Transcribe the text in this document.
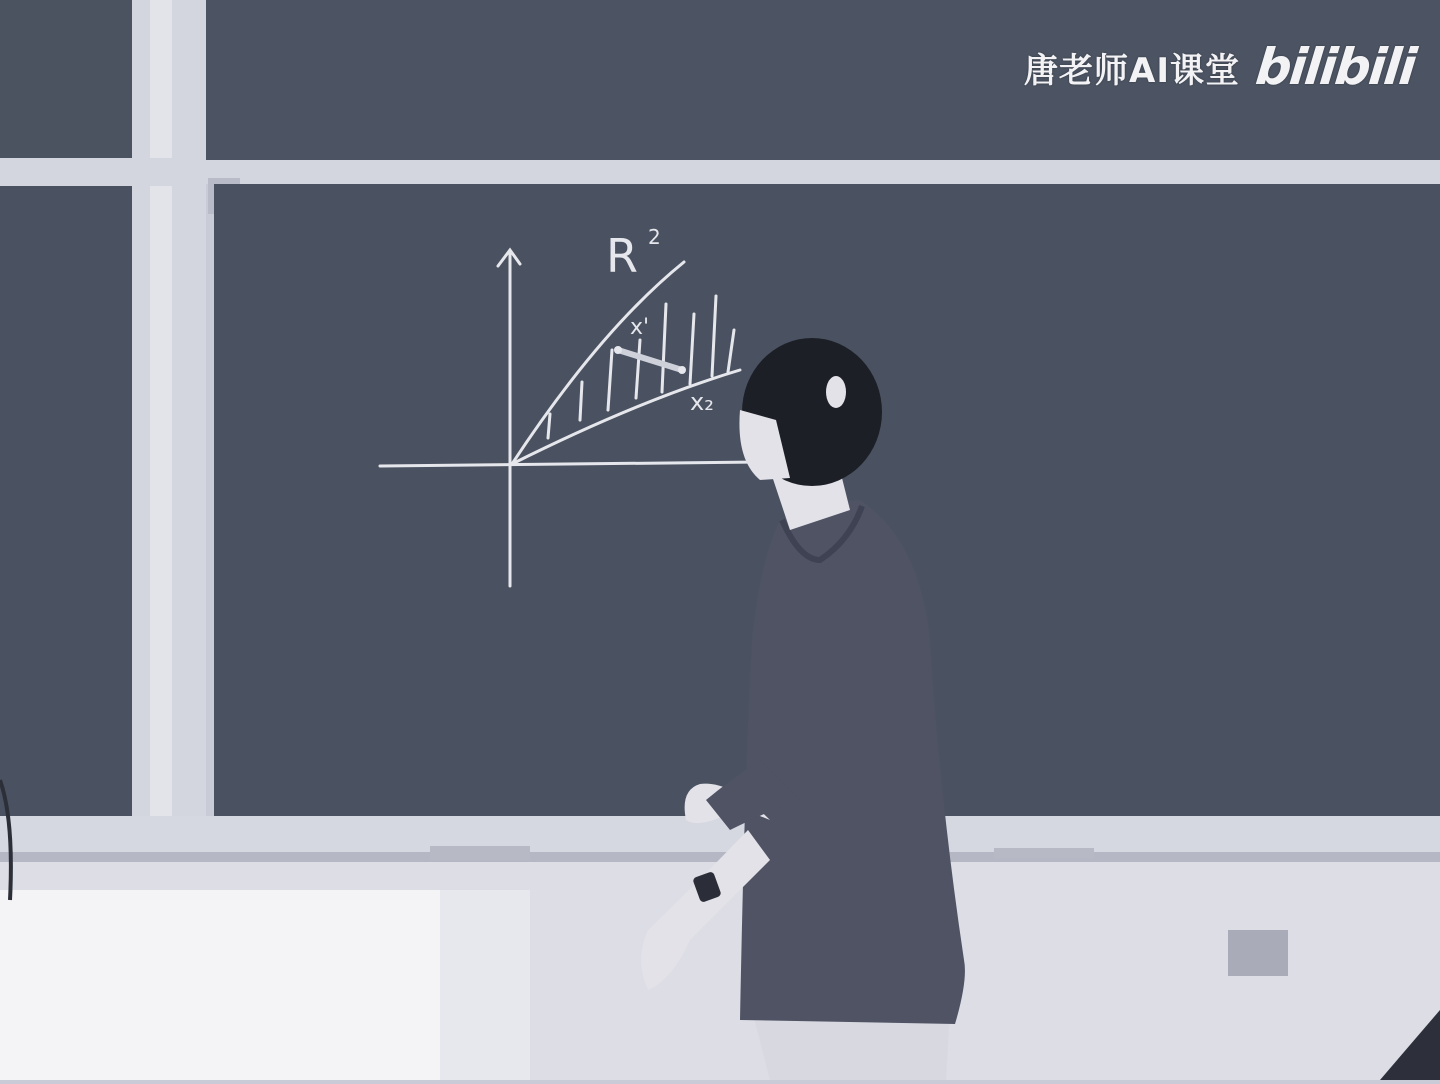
R 2
x'
x₂
唐老师AI课堂 bilibili
